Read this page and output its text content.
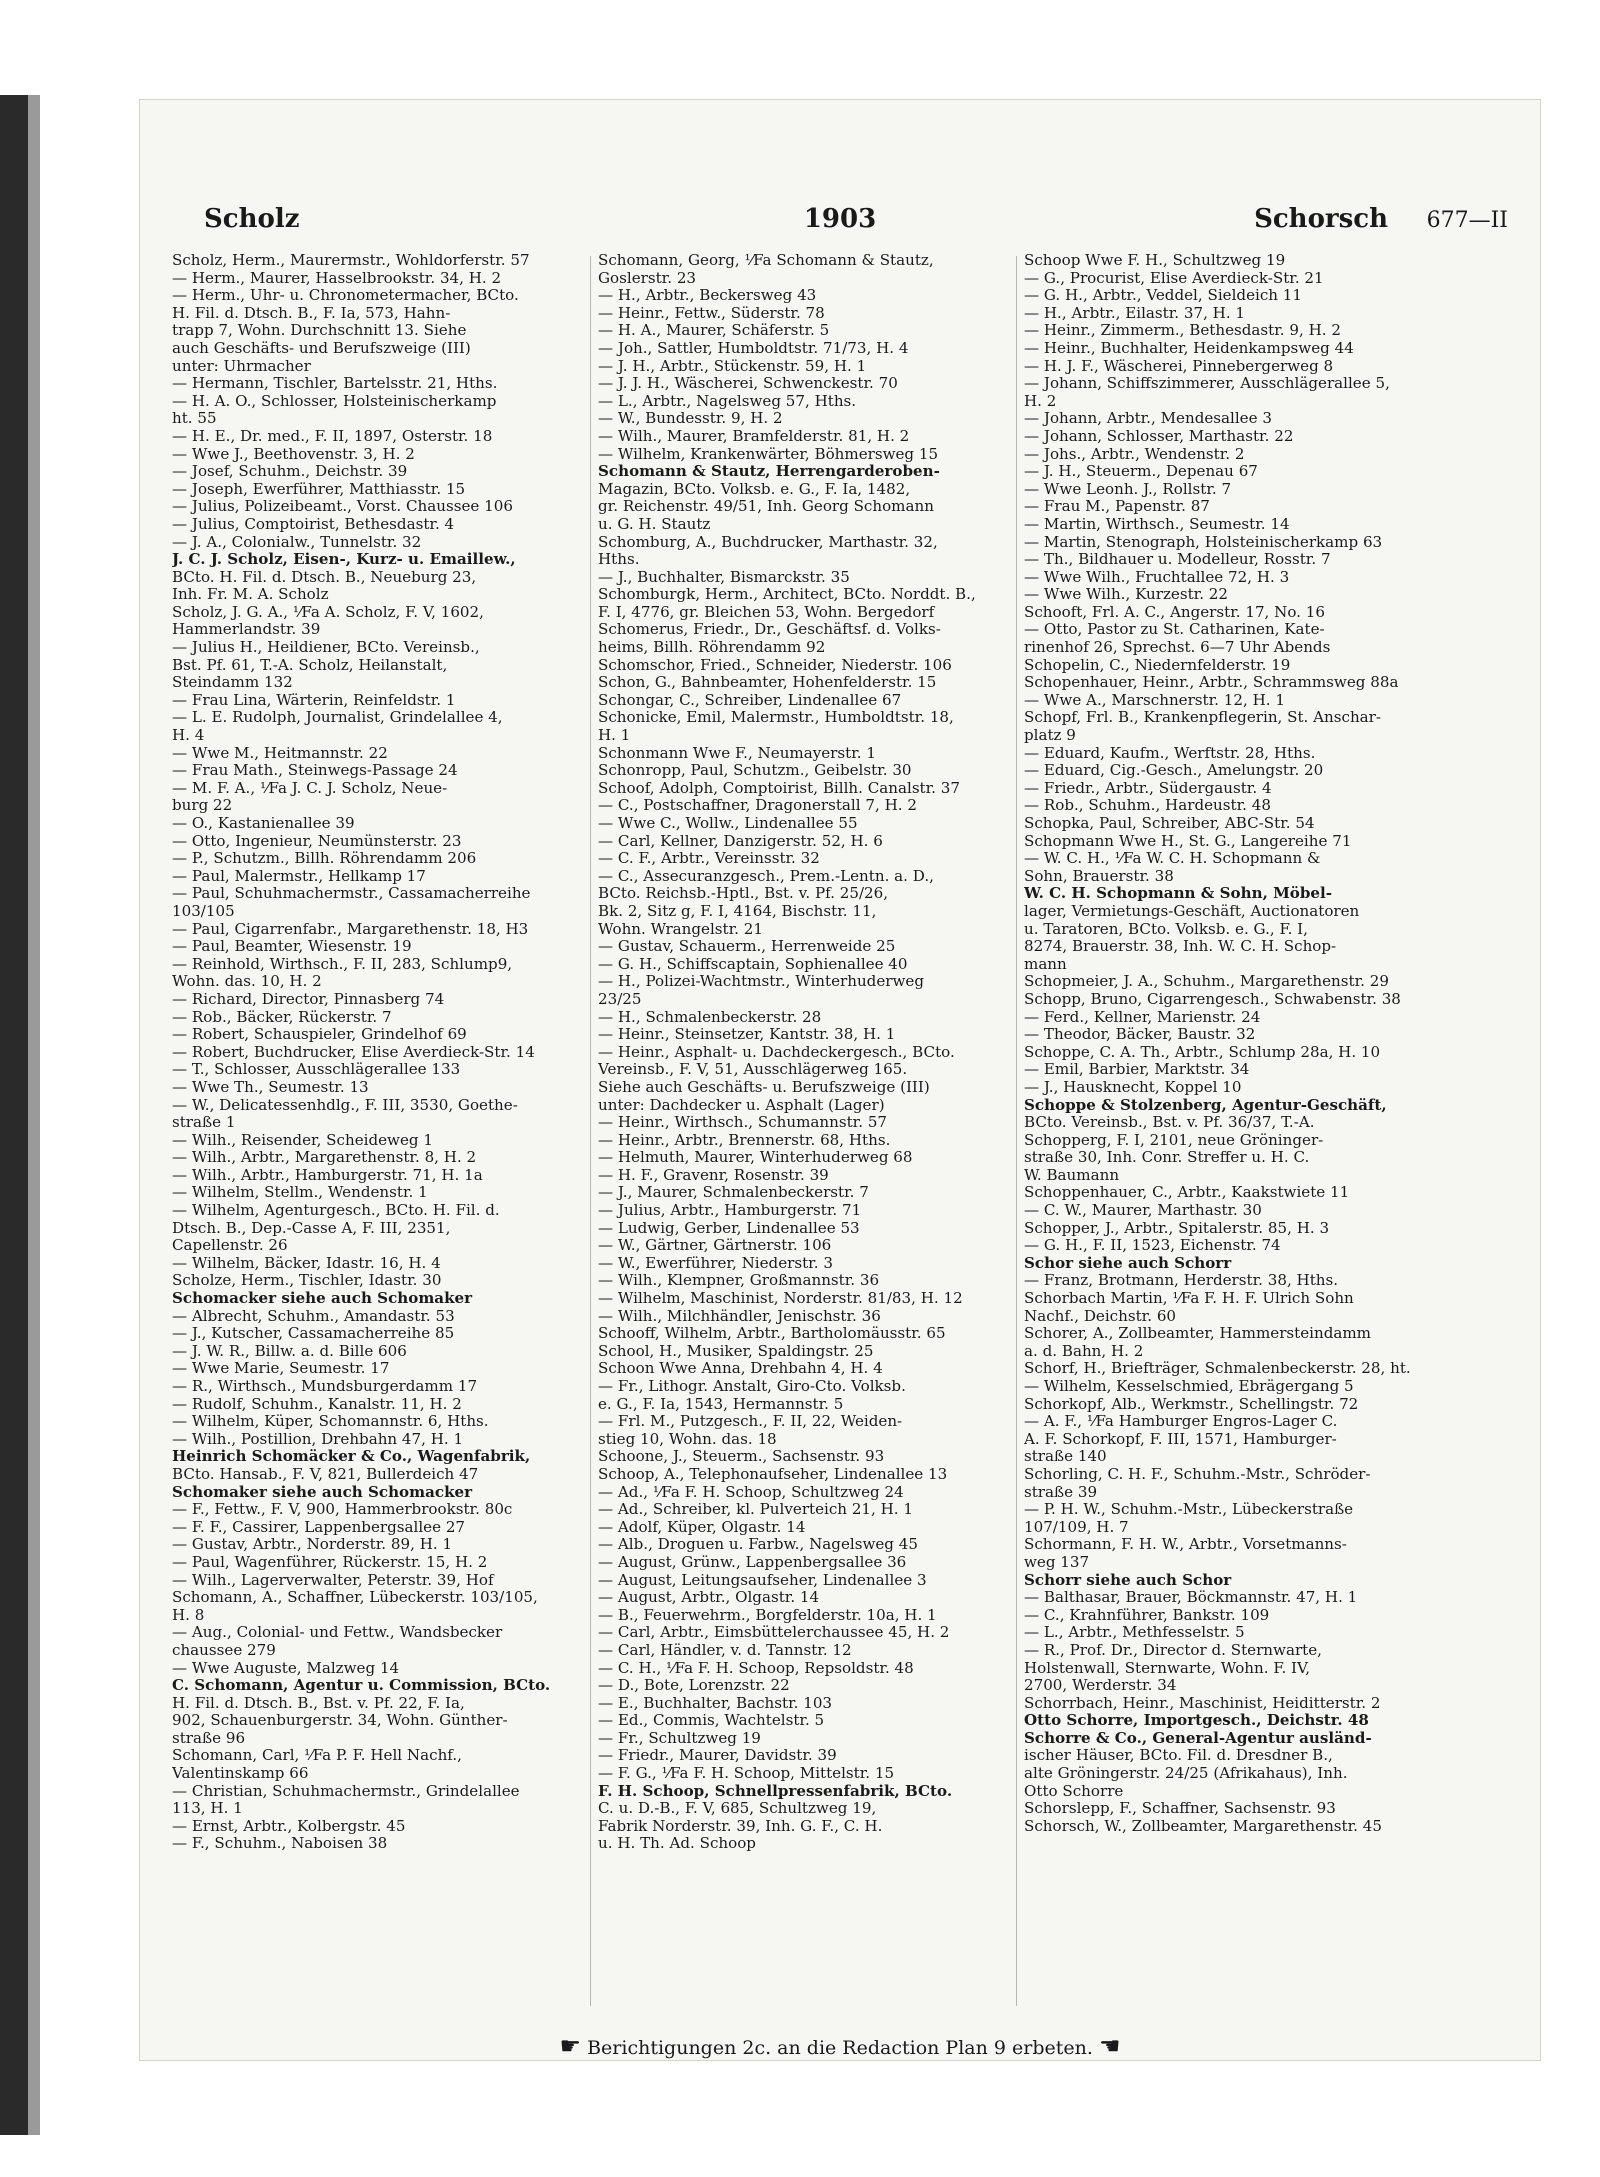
Scholz	1903	Schorsch 677—II
Scholz, Herm., Maurermstr., Wohldorferstr. 57
— Herm., Maurer, Hasselbrookstr. 34, H. 2
— Herm., Uhr- u. Chronometermacher, BCto.
H. Fil. d. Dtsch. B., F. Ia, 573, Hahn-
trapp 7, Wohn. Durchschnitt 13. Siehe
auch Geschäfts- und Berufszweige (III)
unter: Uhrmacher
— Hermann, Tischler, Bartelsstr. 21, Hths.
— H. A. O., Schlosser, Holsteinischerkamp
ht. 55
— H. E., Dr. med., F. II, 1897, Osterstr. 18
— Wwe J., Beethovenstr. 3, H. 2
— Josef, Schuhm., Deichstr. 39
— Joseph, Ewerführer, Matthiasstr. 15
— Julius, Polizeibeamt., Vorst. Chaussee 106
— Julius, Comptoirist, Bethesdastr. 4
— J. A., Colonialw., Tunnelstr. 32
J. C. J. Scholz, Eisen-, Kurz- u. Emaillew.,
BCto. H. Fil. d. Dtsch. B., Neueburg 23,
Inh. Fr. M. A. Scholz
Scholz, J. G. A., ⅟Fa A. Scholz, F. V, 1602,
Hammerlandstr. 39
— Julius H., Heildiener, BCto. Vereinsb.,
Bst. Pf. 61, T.-A. Scholz, Heilanstalt,
Steindamm 132
— Frau Lina, Wärterin, Reinfeldstr. 1
— L. E. Rudolph, Journalist, Grindelallee 4,
H. 4
— Wwe M., Heitmannstr. 22
— Frau Math., Steinwegs-Passage 24
— M. F. A., ⅟Fa J. C. J. Scholz, Neue-
burg 22
— O., Kastanienallee 39
— Otto, Ingenieur, Neumünsterstr. 23
— P., Schutzm., Billh. Röhrendamm 206
— Paul, Malermstr., Hellkamp 17
— Paul, Schuhmachermstr., Cassamacherreihe
103/105
— Paul, Cigarrenfabr., Margarethenstr. 18, H3
— Paul, Beamter, Wiesenstr. 19
— Reinhold, Wirthsch., F. II, 283, Schlump9,
Wohn. das. 10, H. 2
— Richard, Director, Pinnasberg 74
— Rob., Bäcker, Rückerstr. 7
— Robert, Schauspieler, Grindelhof 69
— Robert, Buchdrucker, Elise Averdieck-Str. 14
— T., Schlosser, Ausschlägerallee 133
— Wwe Th., Seumestr. 13
— W., Delicatessenhdlg., F. III, 3530, Goethe-
straße 1
— Wilh., Reisender, Scheideweg 1
— Wilh., Arbtr., Margarethenstr. 8, H. 2
— Wilh., Arbtr., Hamburgerstr. 71, H. 1a
— Wilhelm, Stellm., Wendenstr. 1
— Wilhelm, Agenturgesch., BCto. H. Fil. d.
Dtsch. B., Dep.-Casse A, F. III, 2351,
Capellenstr. 26
— Wilhelm, Bäcker, Idastr. 16, H. 4
Scholze, Herm., Tischler, Idastr. 30
Schomacker siehe auch Schomaker
— Albrecht, Schuhm., Amandastr. 53
— J., Kutscher, Cassamacherreihe 85
— J. W. R., Billw. a. d. Bille 606
— Wwe Marie, Seumestr. 17
— R., Wirthsch., Mundsburgerdamm 17
— Rudolf, Schuhm., Kanalstr. 11, H. 2
— Wilhelm, Küper, Schomannstr. 6, Hths.
— Wilh., Postillion, Drehbahn 47, H. 1
Heinrich Schomäcker & Co., Wagenfabrik,
BCto. Hansab., F. V, 821, Bullerdeich 47
Schomaker siehe auch Schomacker
— F., Fettw., F. V, 900, Hammerbrookstr. 80c
— F. F., Cassirer, Lappenbergsallee 27
— Gustav, Arbtr., Norderstr. 89, H. 1
— Paul, Wagenführer, Rückerstr. 15, H. 2
— Wilh., Lagerverwalter, Peterstr. 39, Hof
Schomann, A., Schaffner, Lübeckerstr. 103/105,
H. 8
— Aug., Colonial- und Fettw., Wandsbecker
chaussee 279
— Wwe Auguste, Malzweg 14
C. Schomann, Agentur u. Commission, BCto.
H. Fil. d. Dtsch. B., Bst. v. Pf. 22, F. Ia,
902, Schauenburgerstr. 34, Wohn. Günther-
straße 96
Schomann, Carl, ⅟Fa P. F. Hell Nachf.,
Valentinskamp 66
— Christian, Schuhmachermstr., Grindelallee
113, H. 1
— Ernst, Arbtr., Kolbergstr. 45
— F., Schuhm., Naboisen 38
Schomann, Georg, ⅟Fa Schomann & Stautz,
Goslerstr. 23
— H., Arbtr., Beckersweg 43
— Heinr., Fettw., Süderstr. 78
— H. A., Maurer, Schäferstr. 5
— Joh., Sattler, Humboldtstr. 71/73, H. 4
— J. H., Arbtr., Stückenstr. 59, H. 1
— J. J. H., Wäscherei, Schwenckestr. 70
— L., Arbtr., Nagelsweg 57, Hths.
— W., Bundesstr. 9, H. 2
— Wilh., Maurer, Bramfelderstr. 81, H. 2
— Wilhelm, Krankenwärter, Böhmersweg 15
Schomann & Stautz, Herrengarderoben-
Magazin, BCto. Volksb. e. G., F. Ia, 1482,
gr. Reichenstr. 49/51, Inh. Georg Schomann
u. G. H. Stautz
Schomburg, A., Buchdrucker, Marthastr. 32,
Hths.
— J., Buchhalter, Bismarckstr. 35
Schomburgk, Herm., Architect, BCto. Norddt. B.,
F. I, 4776, gr. Bleichen 53, Wohn. Bergedorf
Schomerus, Friedr., Dr., Geschäftsf. d. Volks-
heims, Billh. Röhrendamm 92
Schomschor, Fried., Schneider, Niederstr. 106
Schon, G., Bahnbeamter, Hohenfelderstr. 15
Schongar, C., Schreiber, Lindenallee 67
Schonicke, Emil, Malermstr., Humboldtstr. 18,
H. 1
Schonmann Wwe F., Neumayerstr. 1
Schonropp, Paul, Schutzm., Geibelstr. 30
Schoof, Adolph, Comptoirist, Billh. Canalstr. 37
— C., Postschaffner, Dragonerstall 7, H. 2
— Wwe C., Wollw., Lindenallee 55
— Carl, Kellner, Danzigerstr. 52, H. 6
— C. F., Arbtr., Vereinsstr. 32
— C., Assecuranzgesch., Prem.-Lentn. a. D.,
BCto. Reichsb.-Hptl., Bst. v. Pf. 25/26,
Bk. 2, Sitz g, F. I, 4164, Bischstr. 11,
Wohn. Wrangelstr. 21
— Gustav, Schauerm., Herrenweide 25
— G. H., Schiffscaptain, Sophienallee 40
— H., Polizei-Wachtmstr., Winterhuderweg
23/25
— H., Schmalenbeckerstr. 28
— Heinr., Steinsetzer, Kantstr. 38, H. 1
— Heinr., Asphalt- u. Dachdeckergesch., BCto.
Vereinsb., F. V, 51, Ausschlägerweg 165.
Siehe auch Geschäfts- u. Berufszweige (III)
unter: Dachdecker u. Asphalt (Lager)
— Heinr., Wirthsch., Schumannstr. 57
— Heinr., Arbtr., Brennerstr. 68, Hths.
— Helmuth, Maurer, Winterhuderweg 68
— H. F., Gravenr, Rosenstr. 39
— J., Maurer, Schmalenbeckerstr. 7
— Julius, Arbtr., Hamburgerstr. 71
— Ludwig, Gerber, Lindenallee 53
— W., Gärtner, Gärtnerstr. 106
— W., Ewerführer, Niederstr. 3
— Wilh., Klempner, Großmannstr. 36
— Wilhelm, Maschinist, Norderstr. 81/83, H. 12
— Wilh., Milchhändler, Jenischstr. 36
Schooff, Wilhelm, Arbtr., Bartholomäusstr. 65
School, H., Musiker, Spaldingstr. 25
Schoon Wwe Anna, Drehbahn 4, H. 4
— Fr., Lithogr. Anstalt, Giro-Cto. Volksb.
e. G., F. Ia, 1543, Hermannstr. 5
— Frl. M., Putzgesch., F. II, 22, Weiden-
stieg 10, Wohn. das. 18
Schoone, J., Steuerm., Sachsenstr. 93
Schoop, A., Telephonaufseher, Lindenallee 13
— Ad., ⅟Fa F. H. Schoop, Schultzweg 24
— Ad., Schreiber, kl. Pulverteich 21, H. 1
— Adolf, Küper, Olgastr. 14
— Alb., Droguen u. Farbw., Nagelsweg 45
— August, Grünw., Lappenbergsallee 36
— August, Leitungsaufseher, Lindenallee 3
— August, Arbtr., Olgastr. 14
— B., Feuerwehrm., Borgfelderstr. 10a, H. 1
— Carl, Arbtr., Eimsbüttelerchaussee 45, H. 2
— Carl, Händler, v. d. Tannstr. 12
— C. H., ⅟Fa F. H. Schoop, Repsoldstr. 48
— D., Bote, Lorenzstr. 22
— E., Buchhalter, Bachstr. 103
— Ed., Commis, Wachtelstr. 5
— Fr., Schultzweg 19
— Friedr., Maurer, Davidstr. 39
— F. G., ⅟Fa F. H. Schoop, Mittelstr. 15
F. H. Schoop, Schnellpressenfabrik, BCto.
C. u. D.-B., F. V, 685, Schultzweg 19,
Fabrik Norderstr. 39, Inh. G. F., C. H.
u. H. Th. Ad. Schoop
Schoop Wwe F. H., Schultzweg 19
— G., Procurist, Elise Averdieck-Str. 21
— G. H., Arbtr., Veddel, Sieldeich 11
— H., Arbtr., Eilastr. 37, H. 1
— Heinr., Zimmerm., Bethesdastr. 9, H. 2
— Heinr., Buchhalter, Heidenkampsweg 44
— H. J. F., Wäscherei, Pinnebergerweg 8
— Johann, Schiffszimmerer, Ausschlägerallee 5,
H. 2
— Johann, Arbtr., Mendesallee 3
— Johann, Schlosser, Marthastr. 22
— Johs., Arbtr., Wendenstr. 2
— J. H., Steuerm., Depenau 67
— Wwe Leonh. J., Rollstr. 7
— Frau M., Papenstr. 87
— Martin, Wirthsch., Seumestr. 14
— Martin, Stenograph, Holsteinischerkamp 63
— Th., Bildhauer u. Modelleur, Rosstr. 7
— Wwe Wilh., Fruchtallee 72, H. 3
— Wwe Wilh., Kurzestr. 22
Schooft, Frl. A. C., Angerstr. 17, No. 16
— Otto, Pastor zu St. Catharinen, Kate-
rinenhof 26, Sprechst. 6—7 Uhr Abends
Schopelin, C., Niedernfelderstr. 19
Schopenhauer, Heinr., Arbtr., Schrammsweg 88a
— Wwe A., Marschnerstr. 12, H. 1
Schopf, Frl. B., Krankenpflegerin, St. Anschar-
platz 9
— Eduard, Kaufm., Werftstr. 28, Hths.
— Eduard, Cig.-Gesch., Amelungstr. 20
— Friedr., Arbtr., Südergaustr. 4
— Rob., Schuhm., Hardeustr. 48
Schopka, Paul, Schreiber, ABC-Str. 54
Schopmann Wwe H., St. G., Langereihe 71
— W. C. H., ⅟Fa W. C. H. Schopmann &
Sohn, Brauerstr. 38
W. C. H. Schopmann & Sohn, Möbel-
lager, Vermietungs-Geschäft, Auctionatoren
u. Taratoren, BCto. Volksb. e. G., F. I,
8274, Brauerstr. 38, Inh. W. C. H. Schop-
mann
Schopmeier, J. A., Schuhm., Margarethenstr. 29
Schopp, Bruno, Cigarrengesch., Schwabenstr. 38
— Ferd., Kellner, Marienstr. 24
— Theodor, Bäcker, Baustr. 32
Schoppe, C. A. Th., Arbtr., Schlump 28a, H. 10
— Emil, Barbier, Marktstr. 34
— J., Hausknecht, Koppel 10
Schoppe & Stolzenberg, Agentur-Geschäft,
BCto. Vereinsb., Bst. v. Pf. 36/37, T.-A.
Schopperg, F. I, 2101, neue Gröninger-
straße 30, Inh. Conr. Streffer u. H. C.
W. Baumann
Schoppenhauer, C., Arbtr., Kaakstwiete 11
— C. W., Maurer, Marthastr. 30
Schopper, J., Arbtr., Spitalerstr. 85, H. 3
— G. H., F. II, 1523, Eichenstr. 74
Schor siehe auch Schorr
— Franz, Brotmann, Herderstr. 38, Hths.
Schorbach Martin, ⅟Fa F. H. F. Ulrich Sohn
Nachf., Deichstr. 60
Schorer, A., Zollbeamter, Hammersteindamm
a. d. Bahn, H. 2
Schorf, H., Briefträger, Schmalenbeckerstr. 28, ht.
— Wilhelm, Kesselschmied, Ebrägergang 5
Schorkopf, Alb., Werkmstr., Schellingstr. 72
— A. F., ⅟Fa Hamburger Engros-Lager C.
A. F. Schorkopf, F. III, 1571, Hamburger-
straße 140
Schorling, C. H. F., Schuhm.-Mstr., Schröder-
straße 39
— P. H. W., Schuhm.-Mstr., Lübeckerstraße
107/109, H. 7
Schormann, F. H. W., Arbtr., Vorsetmanns-
weg 137
Schorr siehe auch Schor
— Balthasar, Brauer, Böckmannstr. 47, H. 1
— C., Krahnführer, Bankstr. 109
— L., Arbtr., Methfesselstr. 5
— R., Prof. Dr., Director d. Sternwarte,
Holstenwall, Sternwarte, Wohn. F. IV,
2700, Werderstr. 34
Schorrbach, Heinr., Maschinist, Heiditterstr. 2
Otto Schorre, Importgesch., Deichstr. 48
Schorre & Co., General-Agentur ausländ-
ischer Häuser, BCto. Fil. d. Dresdner B.,
alte Gröningerstr. 24/25 (Afrikahaus), Inh.
Otto Schorre
Schorslepp, F., Schaffner, Sachsenstr. 93
Schorsch, W., Zollbeamter, Margarethenstr. 45
☛ Berichtigungen 2c. an die Redaction Plan 9 erbeten. ☚
